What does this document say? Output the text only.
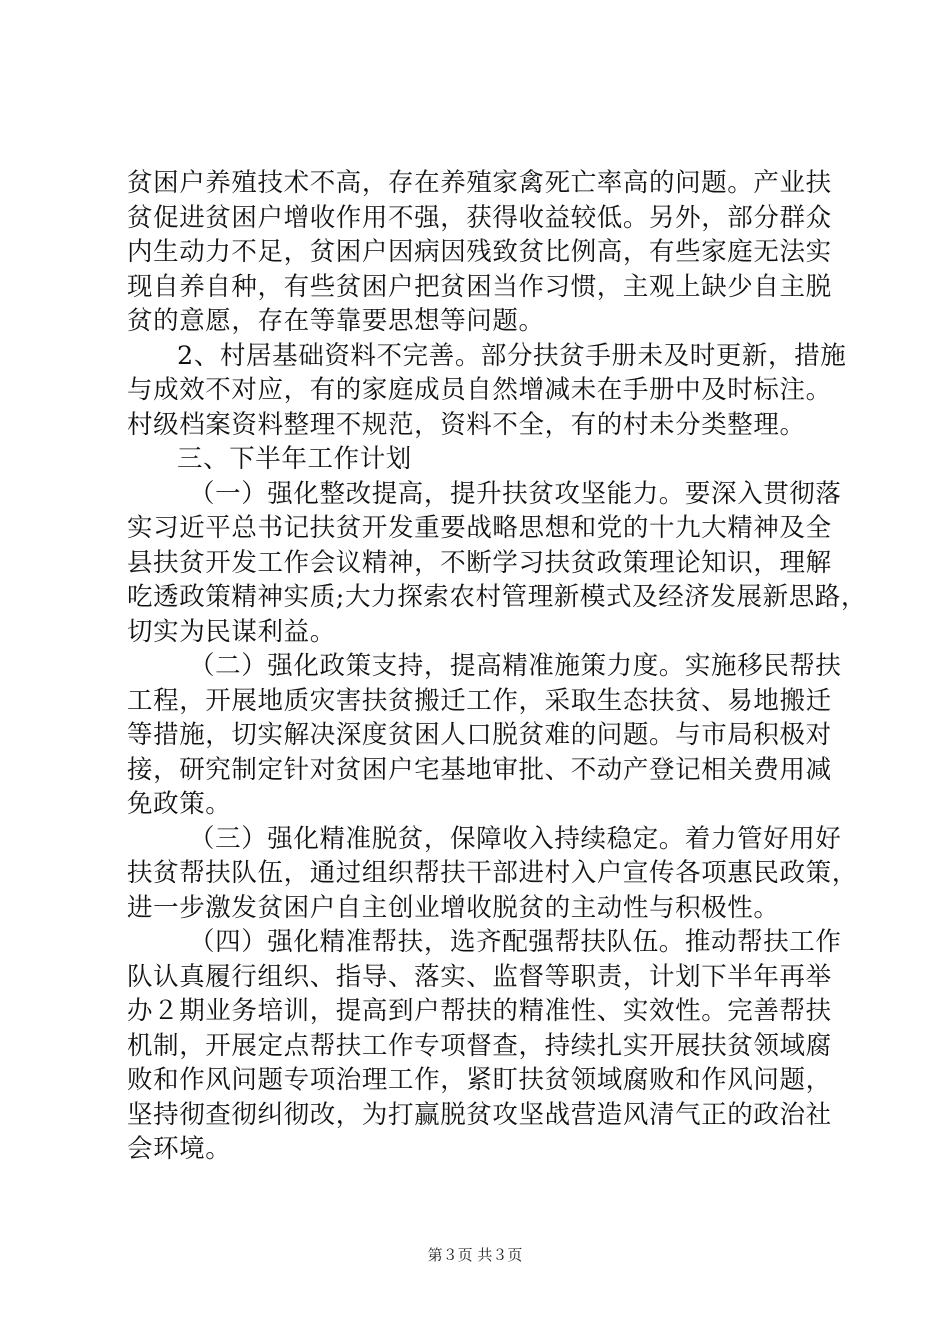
贫困户养殖技术不高，存在养殖家禽死亡率高的问题。产业扶
贫促进贫困户增收作用不强，获得收益较低。另外，部分群众
内生动力不足，贫困户因病因残致贫比例高，有些家庭无法实
现自养自种，有些贫困户把贫困当作习惯，主观上缺少自主脱
贫的意愿，存在等靠要思想等问题。
2、村居基础资料不完善。部分扶贫手册未及时更新，措施
与成效不对应，有的家庭成员自然增减未在手册中及时标注。
村级档案资料整理不规范，资料不全，有的村未分类整理。
三、下半年工作计划
（一）强化整改提高，提升扶贫攻坚能力。要深入贯彻落
实习近平总书记扶贫开发重要战略思想和党的十九大精神及全
县扶贫开发工作会议精神，不断学习扶贫政策理论知识，理解
吃透政策精神实质;大力探索农村管理新模式及经济发展新思路，
切实为民谋利益。
（二）强化政策支持，提高精准施策力度。实施移民帮扶
工程，开展地质灾害扶贫搬迁工作，采取生态扶贫、易地搬迁
等措施，切实解决深度贫困人口脱贫难的问题。与市局积极对
接，研究制定针对贫困户宅基地审批、不动产登记相关费用减
免政策。
（三）强化精准脱贫，保障收入持续稳定。着力管好用好
扶贫帮扶队伍，通过组织帮扶干部进村入户宣传各项惠民政策，
进一步激发贫困户自主创业增收脱贫的主动性与积极性。
（四）强化精准帮扶，选齐配强帮扶队伍。推动帮扶工作
队认真履行组织、指导、落实、监督等职责，计划下半年再举
办２期业务培训，提高到户帮扶的精准性、实效性。完善帮扶
机制，开展定点帮扶工作专项督查，持续扎实开展扶贫领域腐
败和作风问题专项治理工作，紧盯扶贫领域腐败和作风问题，
坚持彻查彻纠彻改，为打赢脱贫攻坚战营造风清气正的政治社
会环境。
第３页 共３页
